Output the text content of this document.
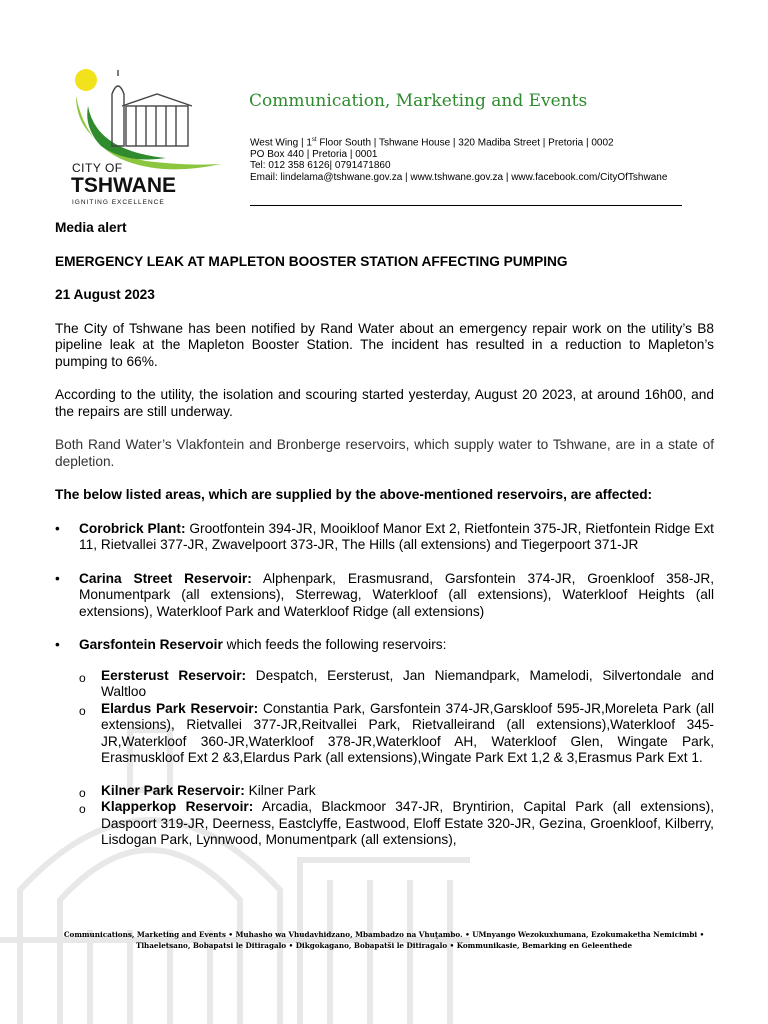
CITY OF
TSHWANE
IGNITING EXCELLENCE
Communication, Marketing and Events
West Wing | 1st Floor South | Tshwane House | 320 Madiba Street | Pretoria | 0002
PO Box 440 | Pretoria | 0001
Tel: 012 358 6126| 0791471860
Email: lindelama@tshwane.gov.za | www.tshwane.gov.za | www.facebook.com/CityOfTshwane

Media alert

EMERGENCY LEAK AT MAPLETON BOOSTER STATION AFFECTING PUMPING

21 August 2023

The City of Tshwane has been notified by Rand Water about an emergency repair work on the utility’s B8 pipeline leak at the Mapleton Booster Station. The incident has resulted in a reduction to Mapleton’s pumping to 66%.

According to the utility, the isolation and scouring started yesterday, August 20 2023, at around 16h00, and the repairs are still underway.

Both Rand Water’s Vlakfontein and Bronberge reservoirs, which supply water to Tshwane, are in a state of depletion.

The below listed areas, which are supplied by the above-mentioned reservoirs, are affected:

• Corobrick Plant: Grootfontein 394-JR, Mooikloof Manor Ext 2, Rietfontein 375-JR, Rietfontein Ridge Ext 11, Rietvallei 377-JR, Zwavelpoort 373-JR, The Hills (all extensions) and Tiegerpoort 371-JR
• Carina Street Reservoir: Alphenpark, Erasmusrand, Garsfontein 374-JR, Groenkloof 358-JR, Monumentpark (all extensions), Sterrewag, Waterkloof (all extensions), Waterkloof Heights (all extensions), Waterkloof Park and Waterkloof Ridge (all extensions)
• Garsfontein Reservoir which feeds the following reservoirs:
o Eersterust Reservoir: Despatch, Eersterust, Jan Niemandpark, Mamelodi, Silvertondale and Waltloo
o Elardus Park Reservoir: Constantia Park, Garsfontein 374-JR,Garskloof 595-JR,Moreleta Park (all extensions), Rietvallei 377-JR,Reitvallei Park, Rietvalleirand (all extensions),Waterkloof 345-JR,Waterkloof 360-JR,Waterkloof 378-JR,Waterkloof AH, Waterkloof Glen, Wingate Park, Erasmuskloof Ext 2 &3,Elardus Park (all extensions),Wingate Park Ext 1,2 & 3,Erasmus Park Ext 1.
o Kilner Park Reservoir: Kilner Park
o Klapperkop Reservoir: Arcadia, Blackmoor 347-JR, Bryntirion, Capital Park (all extensions), Daspoort 319-JR, Deerness, Eastclyffe, Eastwood, Eloff Estate 320-JR, Gezina, Groenkloof, Kilberry, Lisdogan Park, Lynnwood, Monumentpark (all extensions),
Communications, Marketing and Events • Muhasho wa Vhudavhidzano, Mbambadzo na Vhuṱambo. • UMnyango Wezokuxhumana, Ezokumaketha Nemicimbi •
Tlhaeletsano, Bobapatsi le Ditiragalo • Dikgokagano, Bobapatši le Ditiragalo • Kommunikasie, Bemarking en Geleenthede
